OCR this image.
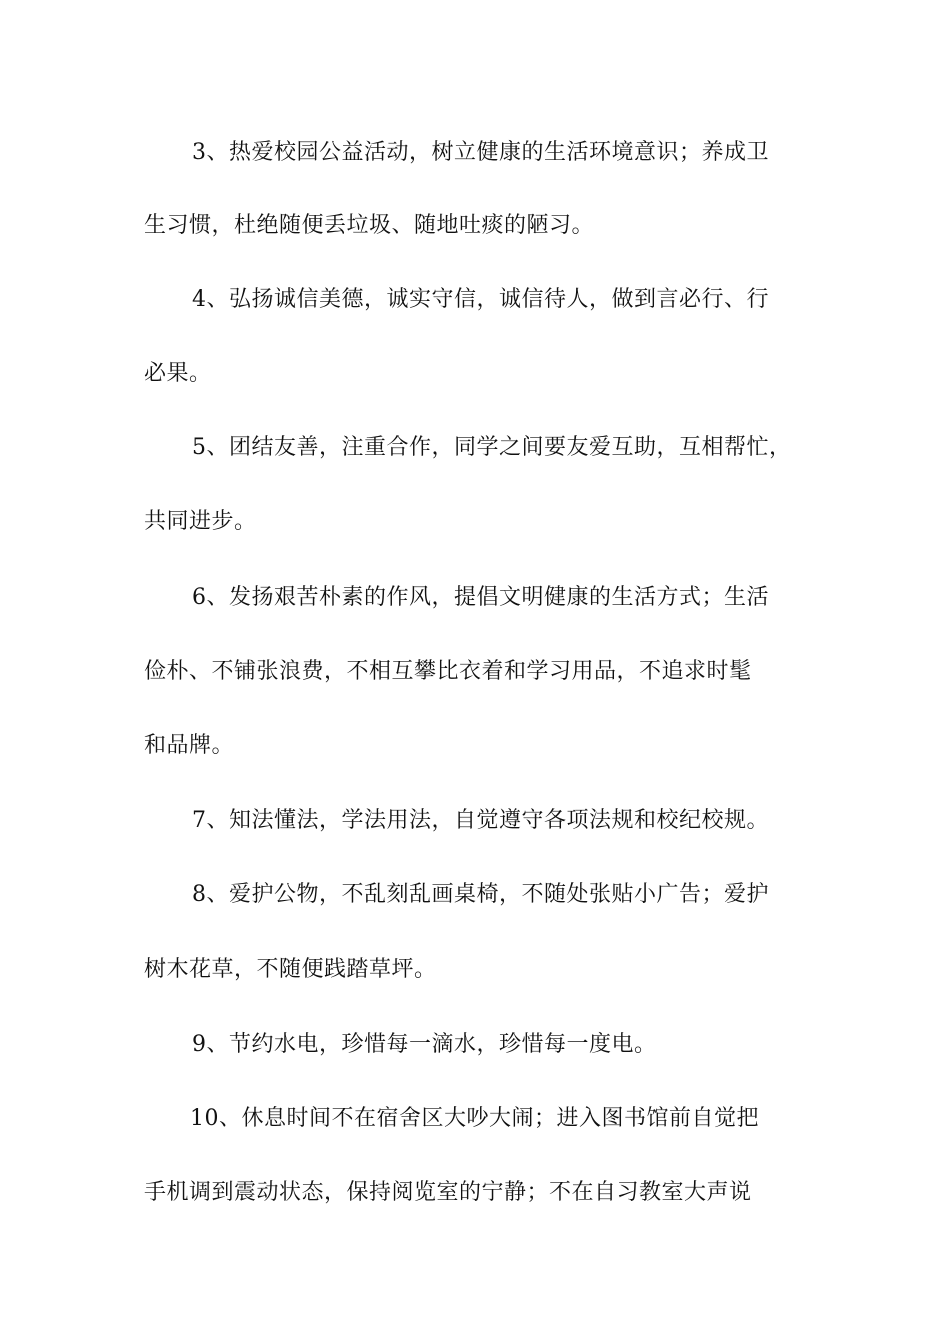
3、热爱校园公益活动，树立健康的生活环境意识；养成卫
生习惯，杜绝随便丢垃圾、随地吐痰的陋习。
4、弘扬诚信美德，诚实守信，诚信待人，做到言必行、行
必果。
5、团结友善，注重合作，同学之间要友爱互助，互相帮忙，
共同进步。
6、发扬艰苦朴素的作风，提倡文明健康的生活方式；生活
俭朴、不铺张浪费，不相互攀比衣着和学习用品，不追求时髦
和品牌。
7、知法懂法，学法用法，自觉遵守各项法规和校纪校规。
8、爱护公物，不乱刻乱画桌椅，不随处张贴小广告；爱护
树木花草，不随便践踏草坪。
9、节约水电，珍惜每一滴水，珍惜每一度电。
10、休息时间不在宿舍区大吵大闹；进入图书馆前自觉把
手机调到震动状态，保持阅览室的宁静；不在自习教室大声说
